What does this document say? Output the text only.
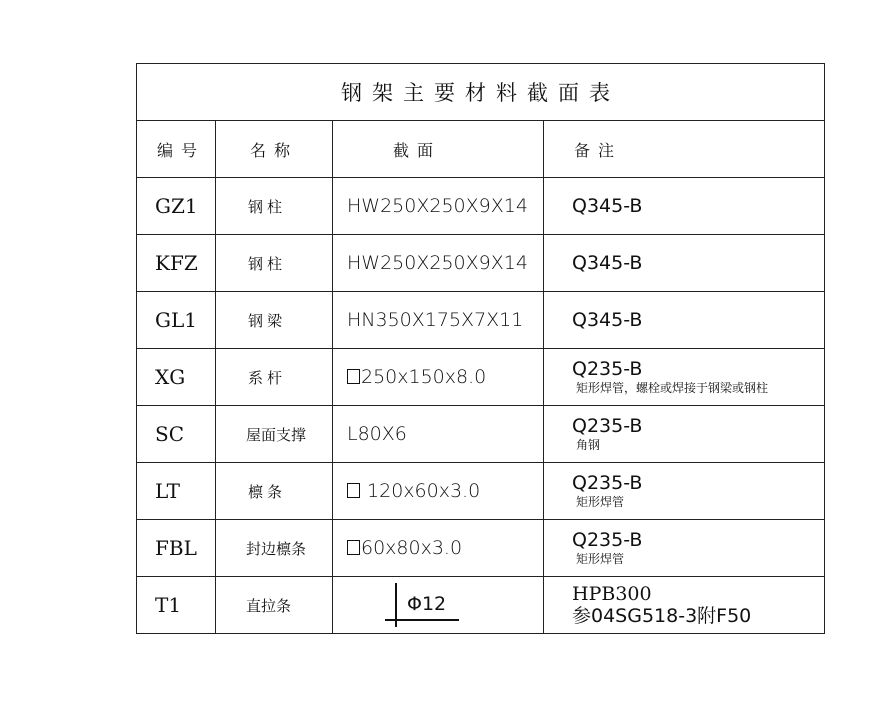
钢架主要材料截面表			
编号	名称	截面	备注
GZ1	钢柱	HW250X250X9X14	Q345-B

KFZ	钢柱	HW250X250X9X14	Q345-B

GL1	钢梁	HN350X175X7X11	Q345-B

XG	系杆	250x150x8.0	Q235-B
矩形焊管，螺栓或焊接于钢梁或钢柱

SC	屋面支撑	L80X6	Q235-B
角钢

LT	檩条	120x60x3.0	Q235-B
矩形焊管

FBL	封边檩条	60x80x3.0	Q235-B
矩形焊管

T1	直拉条	Φ12	HPB300
参04SG518-3附F50
